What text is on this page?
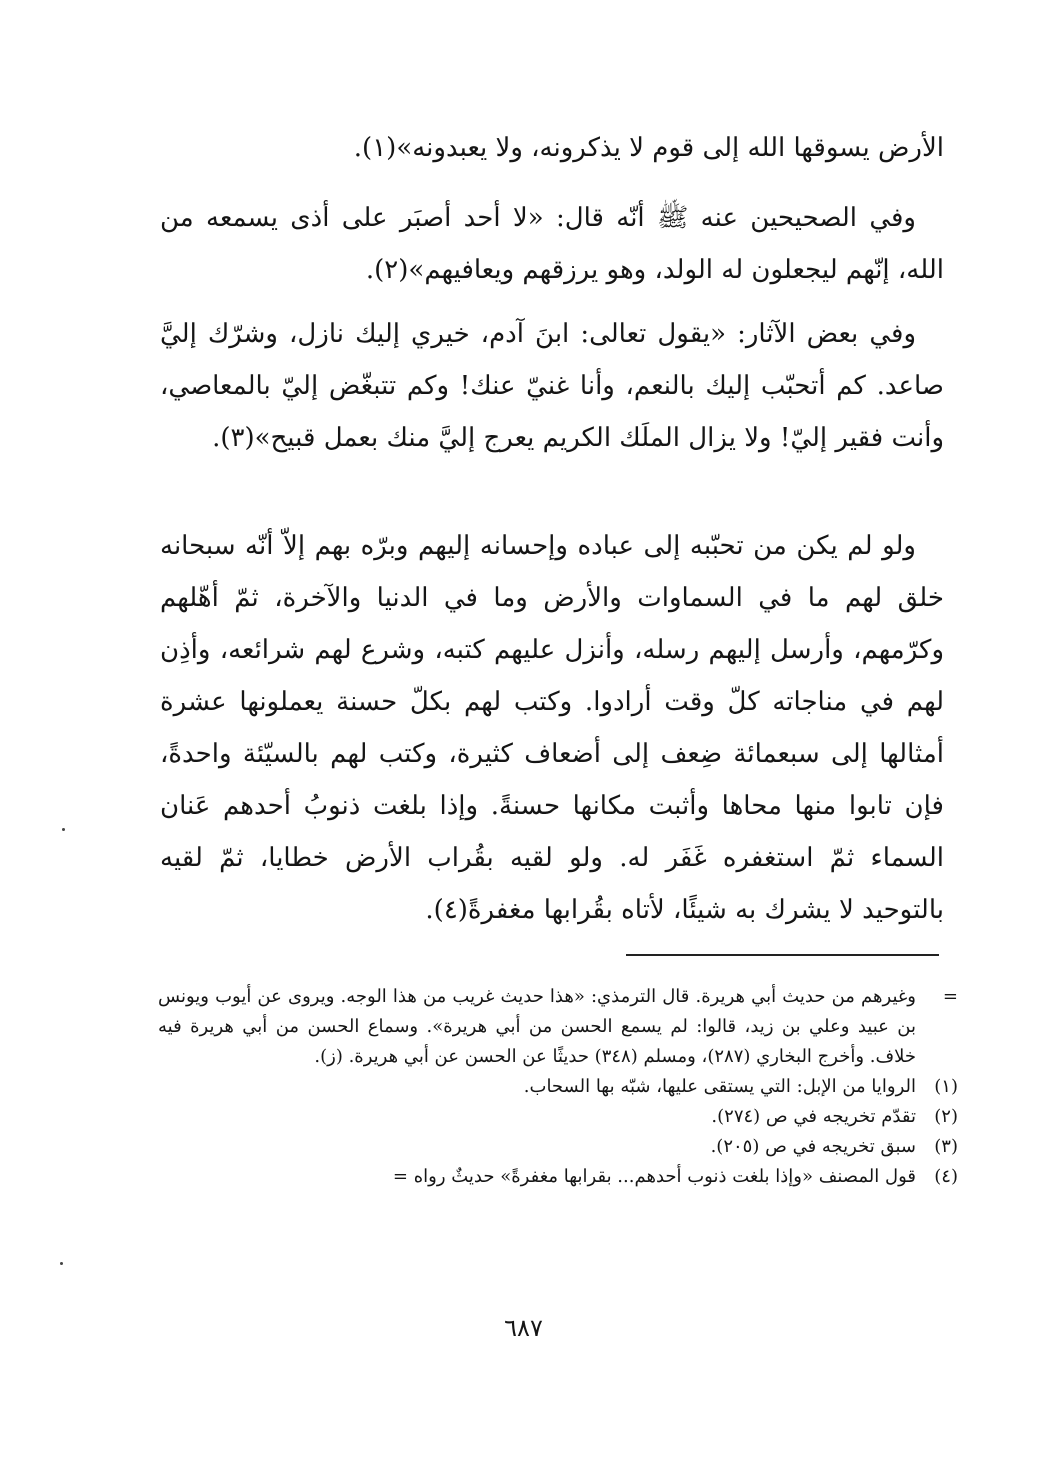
الأرض يسوقها الله إلى قوم لا يذكرونه، ولا يعبدونه»(١).

وفي الصحيحين عنه ﷺ أنّه قال: «لا أحد أصبَر على أذى يسمعه من الله، إنّهم ليجعلون له الولد، وهو يرزقهم ويعافيهم»(٢).

وفي بعض الآثار: «يقول تعالى: ابنَ آدم، خيري إليك نازل، وشرّك إليَّ صاعد. كم أتحبّب إليك بالنعم، وأنا غنيّ عنك! وكم تتبغّض إليّ بالمعاصي، وأنت فقير إليّ! ولا يزال الملَك الكريم يعرج إليَّ منك بعمل قبيح»(٣).

ولو لم يكن من تحبّبه إلى عباده وإحسانه إليهم وبرّه بهم إلاّ أنّه سبحانه خلق لهم ما في السماوات والأرض وما في الدنيا والآخرة، ثمّ أهّلهم وكرّمهم، وأرسل إليهم رسله، وأنزل عليهم كتبه، وشرع لهم شرائعه، وأذِن لهم في مناجاته كلّ وقت أرادوا. وكتب لهم بكلّ حسنة يعملونها عشرة أمثالها إلى سبعمائة ضِعف إلى أضعاف كثيرة، وكتب لهم بالسيّئة واحدةً، فإن تابوا منها محاها وأثبت مكانها حسنةً. وإذا بلغت ذنوبُ أحدهم عَنان السماء ثمّ استغفره غَفَر له. ولو لقيه بقُراب الأرض خطايا، ثمّ لقيه بالتوحيد لا يشرك به شيئًا، لأتاه بقُرابها مغفرةً(٤).

=
وغيرهم من حديث أبي هريرة. قال الترمذي: «هذا حديث غريب من هذا الوجه. ويروى عن أيوب ويونس بن عبيد وعلي بن زيد، قالوا: لم يسمع الحسن من أبي هريرة». وسماع الحسن من أبي هريرة فيه خلاف. وأخرج البخاري (٢٨٧)، ومسلم (٣٤٨) حديثًا عن الحسن عن أبي هريرة. (ز).
(١)
الروايا من الإبل: التي يستقى عليها، شبّه بها السحاب.
(٢)
تقدّم تخريجه في ص (٢٧٤).
(٣)
سبق تخريجه في ص (٢٠٥).
(٤)
قول المصنف «وإذا بلغت ذنوب أحدهم... بقرابها مغفرةً» حديثٌ رواه =
٦٨٧
